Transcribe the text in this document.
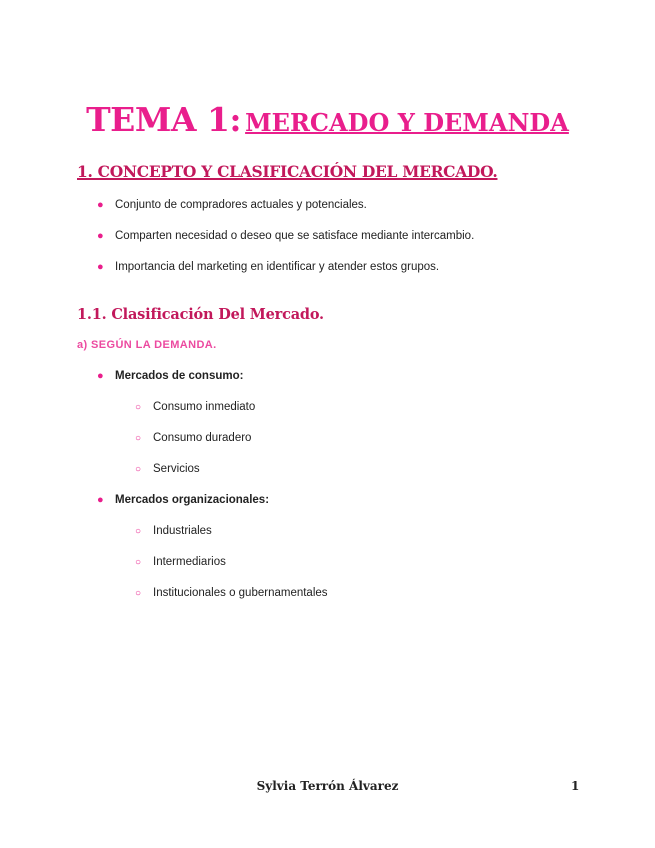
TEMA 1: MERCADO Y DEMANDA
1. CONCEPTO Y CLASIFICACIÓN DEL MERCADO.
● Conjunto de compradores actuales y potenciales.
● Comparten necesidad o deseo que se satisface mediante intercambio.
● Importancia del marketing en identificar y atender estos grupos.
1.1. Clasificación Del Mercado.
a) SEGÚN LA DEMANDA.
● Mercados de consumo:
○ Consumo inmediato
○ Consumo duradero
○ Servicios
● Mercados organizacionales:
○ Industriales
○ Intermediarios
○ Institucionales o gubernamentales
Sylvia Terrón Álvarez	1
